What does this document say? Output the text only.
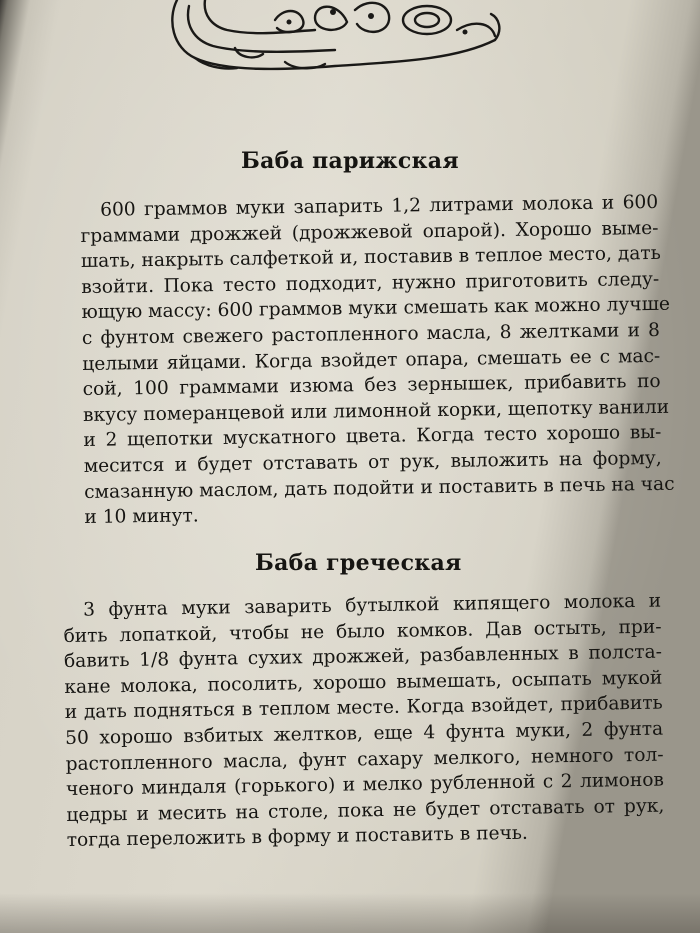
Баба парижская
600 граммов муки запарить 1,2 литрами молока и 600
граммами дрожжей (дрожжевой опарой). Хорошо выме-
шать, накрыть салфеткой и, поставив в теплое место, дать
взойти. Пока тесто подходит, нужно приготовить следу-
ющую массу: 600 граммов муки смешать как можно лучше
с фунтом свежего растопленного масла, 8 желтками и 8
целыми яйцами. Когда взойдет опара, смешать ее с мас-
сой, 100 граммами изюма без зернышек, прибавить по
вкусу померанцевой или лимонной корки, щепотку ванили
и 2 щепотки мускатного цвета. Когда тесто хорошо вы-
месится и будет отставать от рук, выложить на форму,
смазанную маслом, дать подойти и поставить в печь на час
и 10 минут.
Баба греческая
3 фунта муки заварить бутылкой кипящего молока и
бить лопаткой, чтобы не было комков. Дав остыть, при-
бавить 1/8 фунта сухих дрожжей, разбавленных в полста-
кане молока, посолить, хорошо вымешать, осыпать мукой
и дать подняться в теплом месте. Когда взойдет, прибавить
50 хорошо взбитых желтков, еще 4 фунта муки, 2 фунта
растопленного масла, фунт сахару мелкого, немного тол-
ченого миндаля (горького) и мелко рубленной с 2 лимонов
цедры и месить на столе, пока не будет отставать от рук,
тогда переложить в форму и поставить в печь.
